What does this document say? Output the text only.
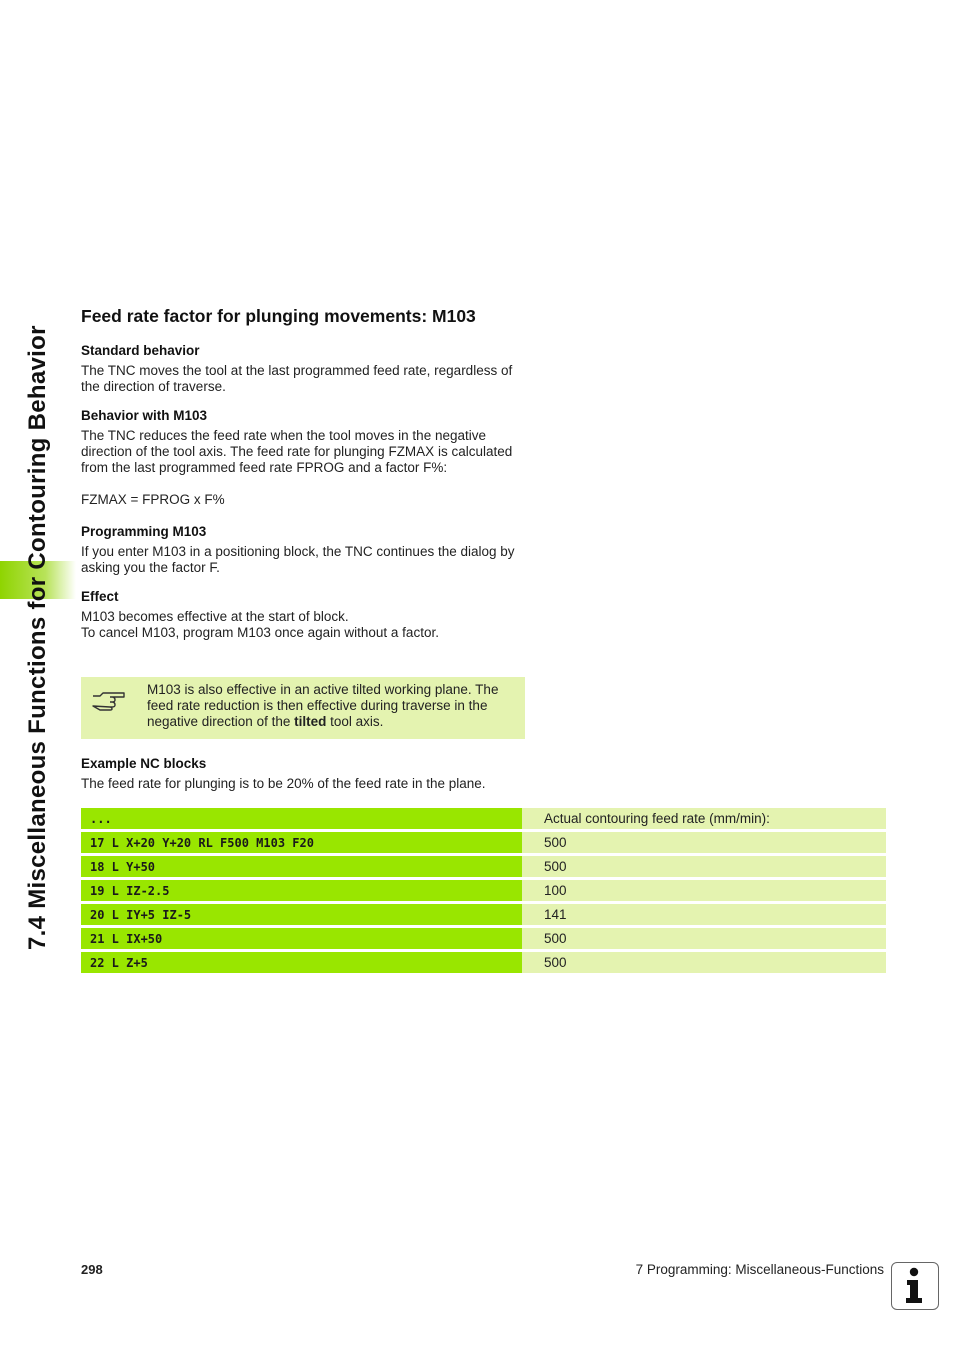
7.4 Miscellaneous Functions for Contouring Behavior
Feed rate factor for plunging movements: M103
Standard behavior

The TNC moves the tool at the last programmed feed rate, regardless of the direction of traverse.

Behavior with M103

The TNC reduces the feed rate when the tool moves in the negative direction of the tool axis. The feed rate for plunging FZMAX is calculated from the last programmed feed rate FPROG and a factor F%:

FZMAX = FPROG x F%

Programming M103

If you enter M103 in a positioning block, the TNC continues the dialog by asking you the factor F.

Effect

M103 becomes effective at the start of block.
To cancel M103, program M103 once again without a factor.

M103 is also effective in an active tilted working plane. The feed rate reduction is then effective during traverse in the negative direction of the tilted tool axis.
Example NC blocks

The feed rate for plunging is to be 20% of the feed rate in the plane.

...	Actual contouring feed rate (mm/min):
17 L X+20 Y+20 RL F500 M103 F20	500
18 L Y+50	500
19 L IZ-2.5	100
20 L IY+5 IZ-5	141
21 L IX+50	500
22 L Z+5	500
298	7 Programming: Miscellaneous-Functions
